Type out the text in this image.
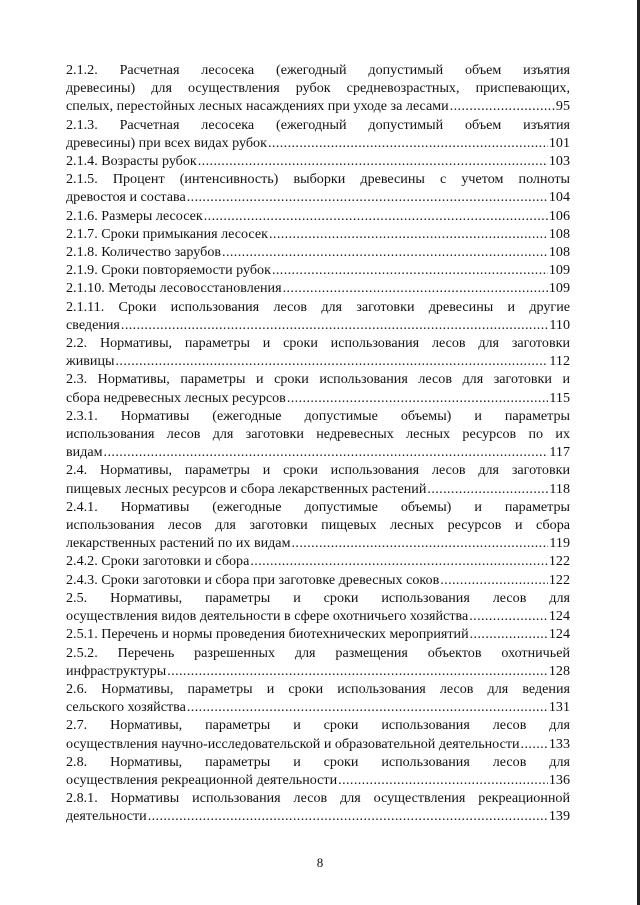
2.1.2. Расчетная лесосека (ежегодный допустимый объем изъятия
древесины) для осуществления рубок средневозрастных, приспевающих,
спелых, перестойных лесных насаждениях при уходе за лесами .....	95
2.1.3. Расчетная лесосека (ежегодный допустимый объем изъятия
древесины) при всех видах рубок .....	101
2.1.4. Возрасты рубок .....	103
2.1.5. Процент (интенсивность) выборки древесины с учетом полноты
древостоя и состава .....	104
2.1.6. Размеры лесосек .....	106
2.1.7. Сроки примыкания лесосек .....	108
2.1.8. Количество зарубов .....	108
2.1.9. Сроки повторяемости рубок .....	109
2.1.10. Методы лесовосстановления .....	109
2.1.11. Сроки использования лесов для заготовки древесины и другие
сведения .....	110
2.2. Нормативы, параметры и сроки использования лесов для заготовки
живицы .....	112
2.3. Нормативы, параметры и сроки использования лесов для заготовки и
сбора недревесных лесных ресурсов .....	115
2.3.1. Нормативы (ежегодные допустимые объемы) и параметры
использования лесов для заготовки недревесных лесных ресурсов по их
видам .....	117
2.4. Нормативы, параметры и сроки использования лесов для заготовки
пищевых лесных ресурсов и сбора лекарственных растений .....	118
2.4.1. Нормативы (ежегодные допустимые объемы) и параметры
использования лесов для заготовки пищевых лесных ресурсов и сбора
лекарственных растений по их видам .....	119
2.4.2. Сроки заготовки и сбора .....	122
2.4.3. Сроки заготовки и сбора при заготовке древесных соков .....	122
2.5. Нормативы, параметры и сроки использования лесов для
осуществления видов деятельности в сфере охотничьего хозяйства .....	124
2.5.1. Перечень и нормы проведения биотехнических мероприятий .....	124
2.5.2. Перечень разрешенных для размещения объектов охотничьей
инфраструктуры .....	128
2.6. Нормативы, параметры и сроки использования лесов для ведения
сельского хозяйства .....	131
2.7. Нормативы, параметры и сроки использования лесов для
осуществления научно-исследовательской и образовательной деятельности ..... 133
2.8. Нормативы, параметры и сроки использования лесов для
осуществления рекреационной деятельности .....	136
2.8.1. Нормативы использования лесов для осуществления рекреационной
деятельности .....	139
8
